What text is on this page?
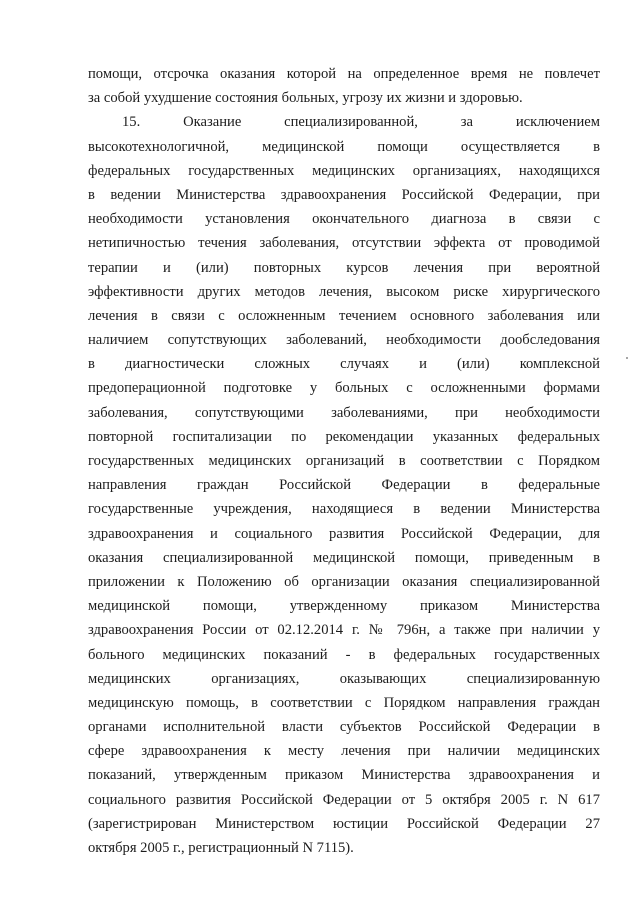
помощи, отсрочка оказания которой на определенное время не повлечет
за собой ухудшение состояния больных, угрозу их жизни и здоровью.
15. Оказание специализированной, за исключением
высокотехнологичной, медицинской помощи осуществляется в
федеральных государственных медицинских организациях, находящихся
в ведении Министерства здравоохранения Российской Федерации, при
необходимости установления окончательного диагноза в связи с
нетипичностью течения заболевания, отсутствии эффекта от проводимой
терапии и (или) повторных курсов лечения при вероятной
эффективности других методов лечения, высоком риске хирургического
лечения в связи с осложненным течением основного заболевания или
наличием сопутствующих заболеваний, необходимости дообследования
в диагностически сложных случаях и (или) комплексной
предоперационной подготовке у больных с осложненными формами
заболевания, сопутствующими заболеваниями, при необходимости
повторной госпитализации по рекомендации указанных федеральных
государственных медицинских организаций в соответствии с Порядком
направления граждан Российской Федерации в федеральные
государственные учреждения, находящиеся в ведении Министерства
здравоохранения и социального развития Российской Федерации, для
оказания специализированной медицинской помощи, приведенным в
приложении к Положению об организации оказания специализированной
медицинской помощи, утвержденному приказом Министерства
здравоохранения России от 02.12.2014 г. № 796н, а также при наличии у
больного медицинских показаний - в федеральных государственных
медицинских организациях, оказывающих специализированную
медицинскую помощь, в соответствии с Порядком направления граждан
органами исполнительной власти субъектов Российской Федерации в
сфере здравоохранения к месту лечения при наличии медицинских
показаний, утвержденным приказом Министерства здравоохранения и
социального развития Российской Федерации от 5 октября 2005 г. N 617
(зарегистрирован Министерством юстиции Российской Федерации 27
октября 2005 г., регистрационный N 7115).
